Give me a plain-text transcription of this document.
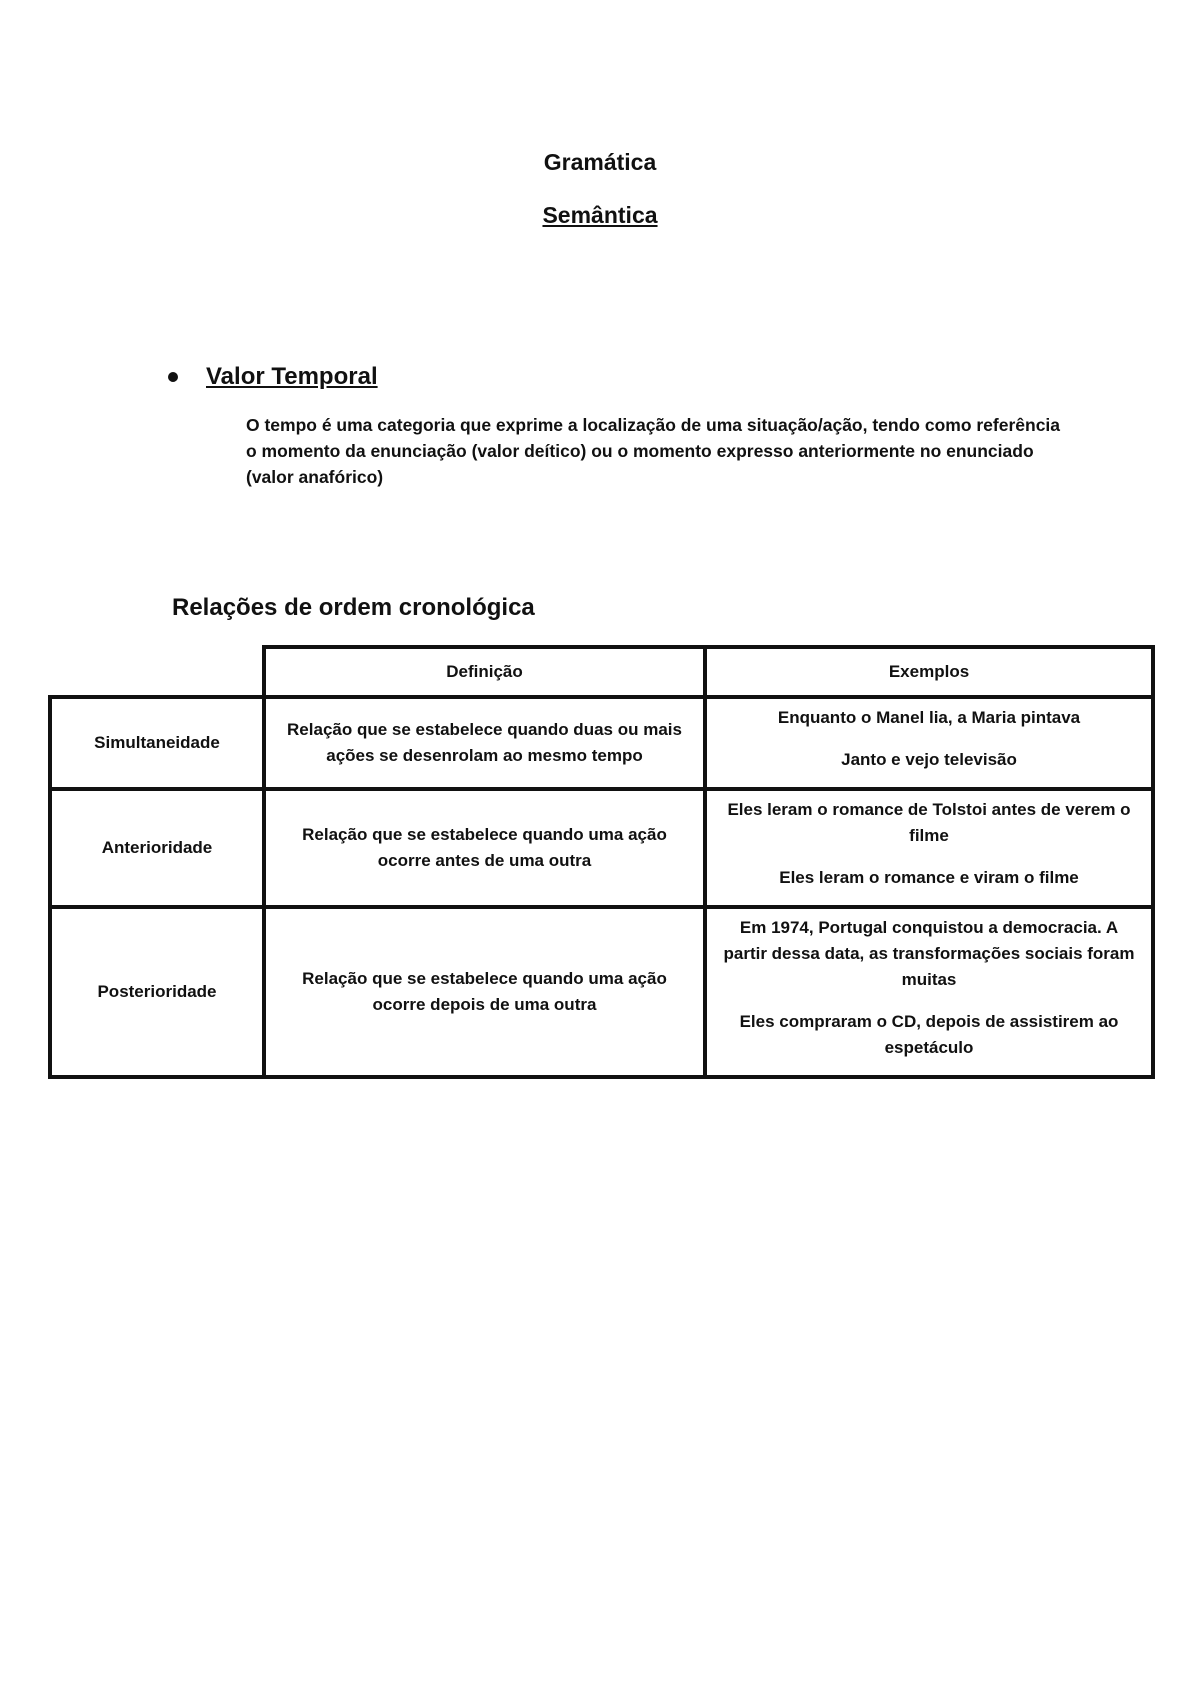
Gramática
Semântica
Valor Temporal

O tempo é uma categoria que exprime a localização de uma situação/ação, tendo como referência o momento da enunciação (valor deítico) ou o momento expresso anteriormente no enunciado (valor anafórico)

Relações de ordem cronológica
	Definição	Exemplos
Simultaneidade	Relação que se estabelece quando duas ou mais ações se desenrolam ao mesmo tempo	Enquanto o Manel lia, a Maria pintava
Janto e vejo televisão

Anterioridade	Relação que se estabelece quando uma ação ocorre antes de uma outra	Eles leram o romance de Tolstoi antes de verem o filme
Eles leram o romance e viram o filme

Posterioridade	Relação que se estabelece quando uma ação ocorre depois de uma outra	Em 1974, Portugal conquistou a democracia. A partir dessa data, as transformações sociais foram muitas
Eles compraram o CD, depois de assistirem ao espetáculo
